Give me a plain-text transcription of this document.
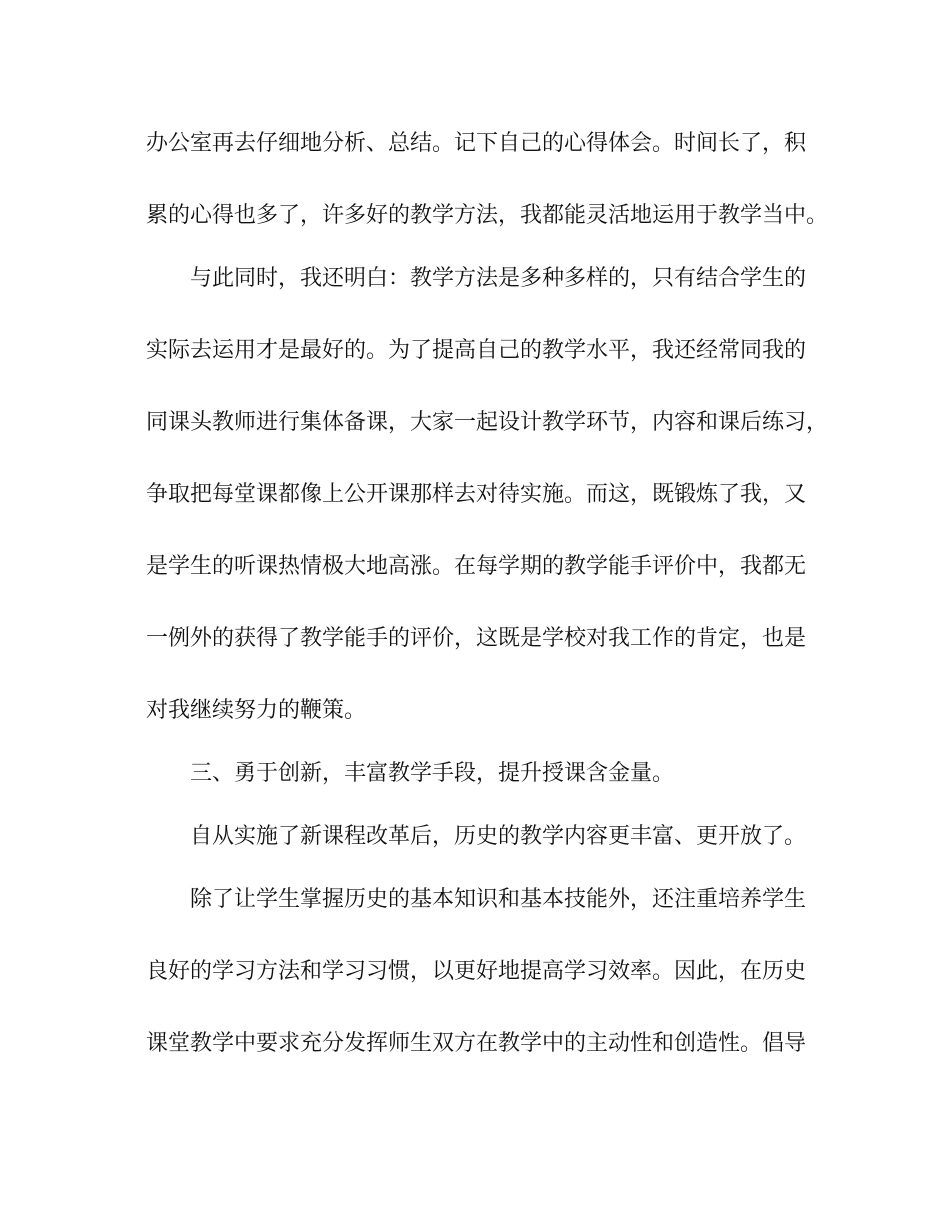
办公室再去仔细地分析、总结。记下自己的心得体会。时间长了，积
累的心得也多了，许多好的教学方法，我都能灵活地运用于教学当中。
与此同时，我还明白：教学方法是多种多样的，只有结合学生的
实际去运用才是最好的。为了提高自己的教学水平，我还经常同我的
同课头教师进行集体备课，大家一起设计教学环节，内容和课后练习，
争取把每堂课都像上公开课那样去对待实施。而这，既锻炼了我，又
是学生的听课热情极大地高涨。在每学期的教学能手评价中，我都无
一例外的获得了教学能手的评价，这既是学校对我工作的肯定，也是
对我继续努力的鞭策。
三、勇于创新，丰富教学手段，提升授课含金量。
自从实施了新课程改革后，历史的教学内容更丰富、更开放了。
除了让学生掌握历史的基本知识和基本技能外，还注重培养学生
良好的学习方法和学习习惯，以更好地提高学习效率。因此，在历史
课堂教学中要求充分发挥师生双方在教学中的主动性和创造性。倡导
